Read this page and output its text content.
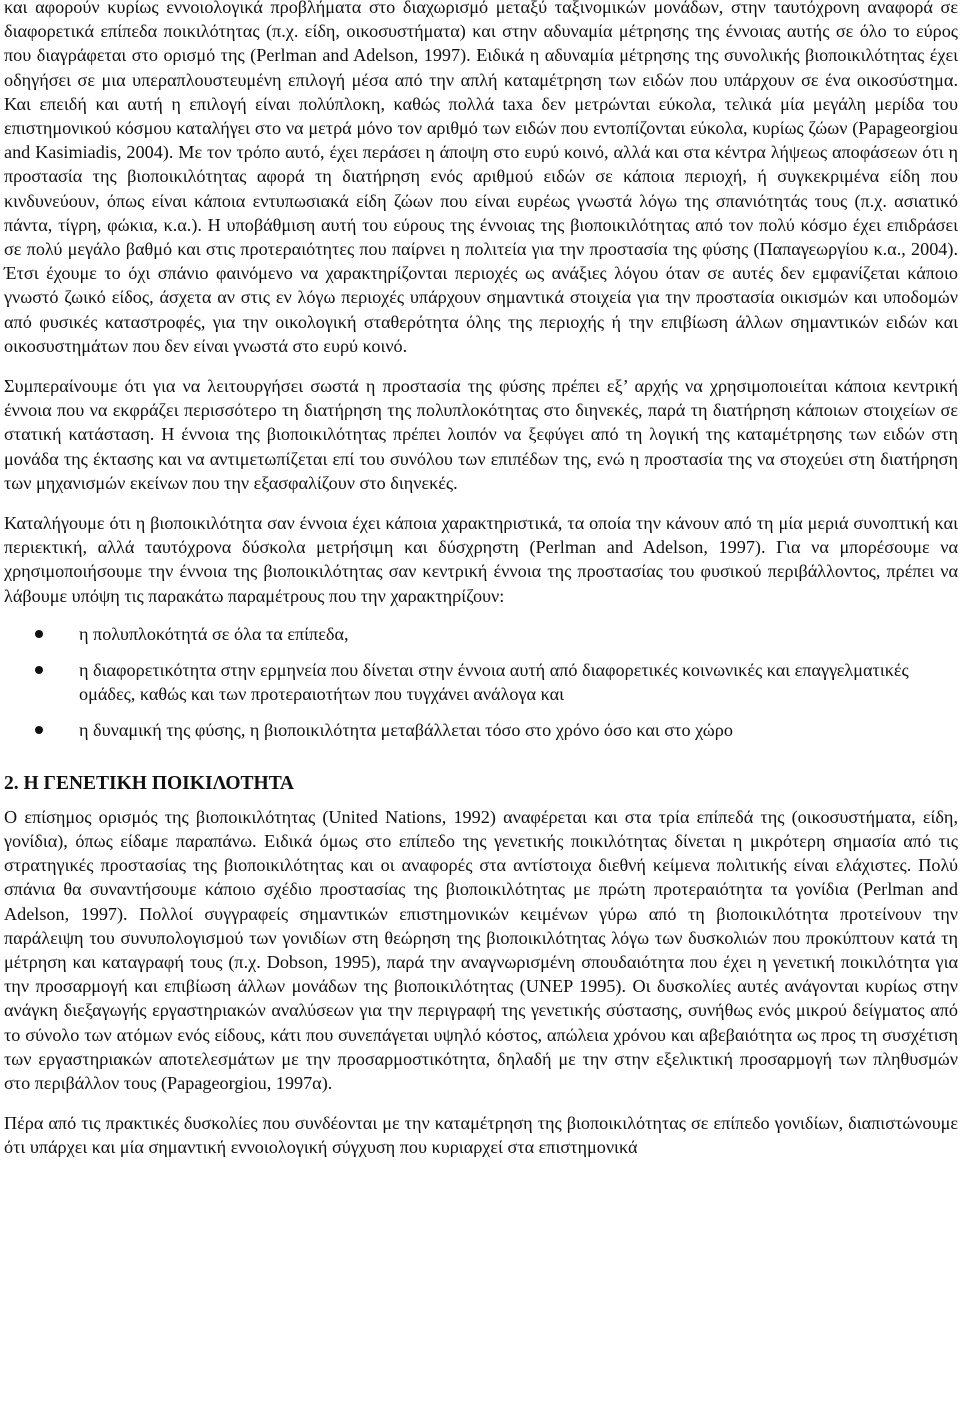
και αφορούν κυρίως εννοιολογικά προβλήματα στο διαχωρισμό μεταξύ ταξινομικών μονάδων, στην ταυτόχρονη αναφορά σε διαφορετικά επίπεδα ποικιλότητας (π.χ. είδη, οικοσυστήματα) και στην αδυναμία μέτρησης της έννοιας αυτής σε όλο το εύρος που διαγράφεται στο ορισμό της (Perlman and Adelson, 1997). Ειδικά η αδυναμία μέτρησης της συνολικής βιοποικιλότητας έχει οδηγήσει σε μια υπεραπλουστευμένη επιλογή μέσα από την απλή καταμέτρηση των ειδών που υπάρχουν σε ένα οικοσύστημα. Και επειδή και αυτή η επιλογή είναι πολύπλοκη, καθώς πολλά taxa δεν μετρώνται εύκολα, τελικά μία μεγάλη μερίδα του επιστημονικού κόσμου καταλήγει στο να μετρά μόνο τον αριθμό των ειδών που εντοπίζονται εύκολα, κυρίως ζώων (Papageorgiou and Kasimiadis, 2004). Με τον τρόπο αυτό, έχει περάσει η άποψη στο ευρύ κοινό, αλλά και στα κέντρα λήψεως αποφάσεων ότι η προστασία της βιοποικιλότητας αφορά τη διατήρηση ενός αριθμού ειδών σε κάποια περιοχή, ή συγκεκριμένα είδη που κινδυνεύουν, όπως είναι κάποια εντυπωσιακά είδη ζώων που είναι ευρέως γνωστά λόγω της σπανιότητάς τους (π.χ. ασιατικό πάντα, τίγρη, φώκια, κ.α.). Η υποβάθμιση αυτή του εύρους της έννοιας της βιοποικιλότητας από τον πολύ κόσμο έχει επιδράσει σε πολύ μεγάλο βαθμό και στις προτεραιότητες που παίρνει η πολιτεία για την προστασία της φύσης (Παπαγεωργίου κ.α., 2004). Έτσι έχουμε το όχι σπάνιο φαινόμενο να χαρακτηρίζονται περιοχές ως ανάξιες λόγου όταν σε αυτές δεν εμφανίζεται κάποιο γνωστό ζωικό είδος, άσχετα αν στις εν λόγω περιοχές υπάρχουν σημαντικά στοιχεία για την προστασία οικισμών και υποδομών από φυσικές καταστροφές, για την οικολογική σταθερότητα όλης της περιοχής ή την επιβίωση άλλων σημαντικών ειδών και οικοσυστημάτων που δεν είναι γνωστά στο ευρύ κοινό.

Συμπεραίνουμε ότι για να λειτουργήσει σωστά η προστασία της φύσης πρέπει εξ’ αρχής να χρησιμοποιείται κάποια κεντρική έννοια που να εκφράζει περισσότερο τη διατήρηση της πολυπλοκότητας στο διηνεκές, παρά τη διατήρηση κάποιων στοιχείων σε στατική κατάσταση. Η έννοια της βιοποικιλότητας πρέπει λοιπόν να ξεφύγει από τη λογική της καταμέτρησης των ειδών στη μονάδα της έκτασης και να αντιμετωπίζεται επί του συνόλου των επιπέδων της, ενώ η προστασία της να στοχεύει στη διατήρηση των μηχανισμών εκείνων που την εξασφαλίζουν στο διηνεκές.

Καταλήγουμε ότι η βιοποικιλότητα σαν έννοια έχει κάποια χαρακτηριστικά, τα οποία την κάνουν από τη μία μεριά συνοπτική και περιεκτική, αλλά ταυτόχρονα δύσκολα μετρήσιμη και δύσχρηστη (Perlman and Adelson, 1997). Για να μπορέσουμε να χρησιμοποιήσουμε την έννοια της βιοποικιλότητας σαν κεντρική έννοια της προστασίας του φυσικού περιβάλλοντος, πρέπει να λάβουμε υπόψη τις παρακάτω παραμέτρους που την χαρακτηρίζουν:

η πολυπλοκότητά σε όλα τα επίπεδα,
η διαφορετικότητα στην ερμηνεία που δίνεται στην έννοια αυτή από διαφορετικές κοινωνικές και επαγγελματικές ομάδες, καθώς και των προτεραιοτήτων που τυγχάνει ανάλογα και
η δυναμική της φύσης, η βιοποικιλότητα μεταβάλλεται τόσο στο χρόνο όσο και στο χώρο
2. Η ΓΕΝΕΤΙΚΗ ΠΟΙΚΙΛΟΤΗΤΑ

Ο επίσημος ορισμός της βιοποικιλότητας (United Nations, 1992) αναφέρεται και στα τρία επίπεδά της (οικοσυστήματα, είδη, γονίδια), όπως είδαμε παραπάνω. Ειδικά όμως στο επίπεδο της γενετικής ποικιλότητας δίνεται η μικρότερη σημασία από τις στρατηγικές προστασίας της βιοποικιλότητας και οι αναφορές στα αντίστοιχα διεθνή κείμενα πολιτικής είναι ελάχιστες. Πολύ σπάνια θα συναντήσουμε κάποιο σχέδιο προστασίας της βιοποικιλότητας με πρώτη προτεραιότητα τα γονίδια (Perlman and Adelson, 1997). Πολλοί συγγραφείς σημαντικών επιστημονικών κειμένων γύρω από τη βιοποικιλότητα προτείνουν την παράλειψη του συνυπολογισμού των γονιδίων στη θεώρηση της βιοποικιλότητας λόγω των δυσκολιών που προκύπτουν κατά τη μέτρηση και καταγραφή τους (π.χ. Dobson, 1995), παρά την αναγνωρισμένη σπουδαιότητα που έχει η γενετική ποικιλότητα για την προσαρμογή και επιβίωση άλλων μονάδων της βιοποικιλότητας (UNEP 1995). Οι δυσκολίες αυτές ανάγονται κυρίως στην ανάγκη διεξαγωγής εργαστηριακών αναλύσεων για την περιγραφή της γενετικής σύστασης, συνήθως ενός μικρού δείγματος από το σύνολο των ατόμων ενός είδους, κάτι που συνεπάγεται υψηλό κόστος, απώλεια χρόνου και αβεβαιότητα ως προς τη συσχέτιση των εργαστηριακών αποτελεσμάτων με την προσαρμοστικότητα, δηλαδή με την στην εξελικτική προσαρμογή των πληθυσμών στο περιβάλλον τους (Papageorgiou, 1997α).

Πέρα από τις πρακτικές δυσκολίες που συνδέονται με την καταμέτρηση της βιοποικιλότητας σε επίπεδο γονιδίων, διαπιστώνουμε ότι υπάρχει και μία σημαντική εννοιολογική σύγχυση που κυριαρχεί στα επιστημονικά
